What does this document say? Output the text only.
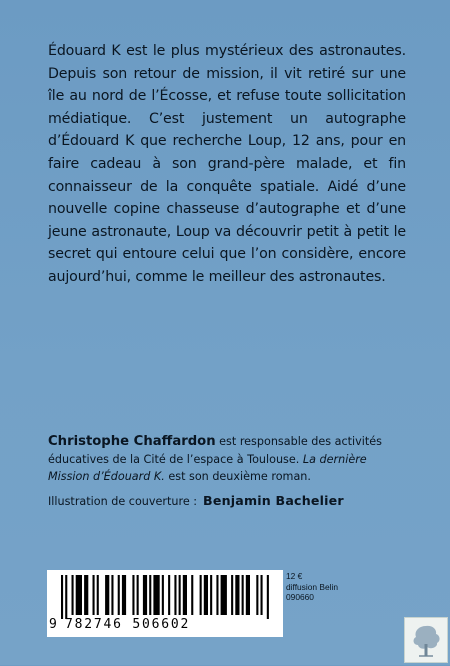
Édouard K est le plus mystérieux des astronautes. Depuis son retour de mission, il vit retiré sur une île au nord de l’Écosse, et refuse toute sollicitation médiatique. C’est justement un autographe d’Édouard K que recherche Loup, 12 ans, pour en faire cadeau à son grand-père malade, et fin connaisseur de la conquête spatiale. Aidé d’une nouvelle copine chasseuse d’autographe et d’une jeune astronaute, Loup va découvrir petit à petit le secret qui entoure celui que l’on considère, encore aujourd’hui, comme le meilleur des astronautes.

Christophe Chaffardon est responsable des activités éducatives de la Cité de l’espace à Toulouse. La dernière Mission d’Édouard K. est son deuxième roman.
Illustration de couverture : Benjamin Bachelier
9 782746 506602
12 €
diffusion Belin
090660
